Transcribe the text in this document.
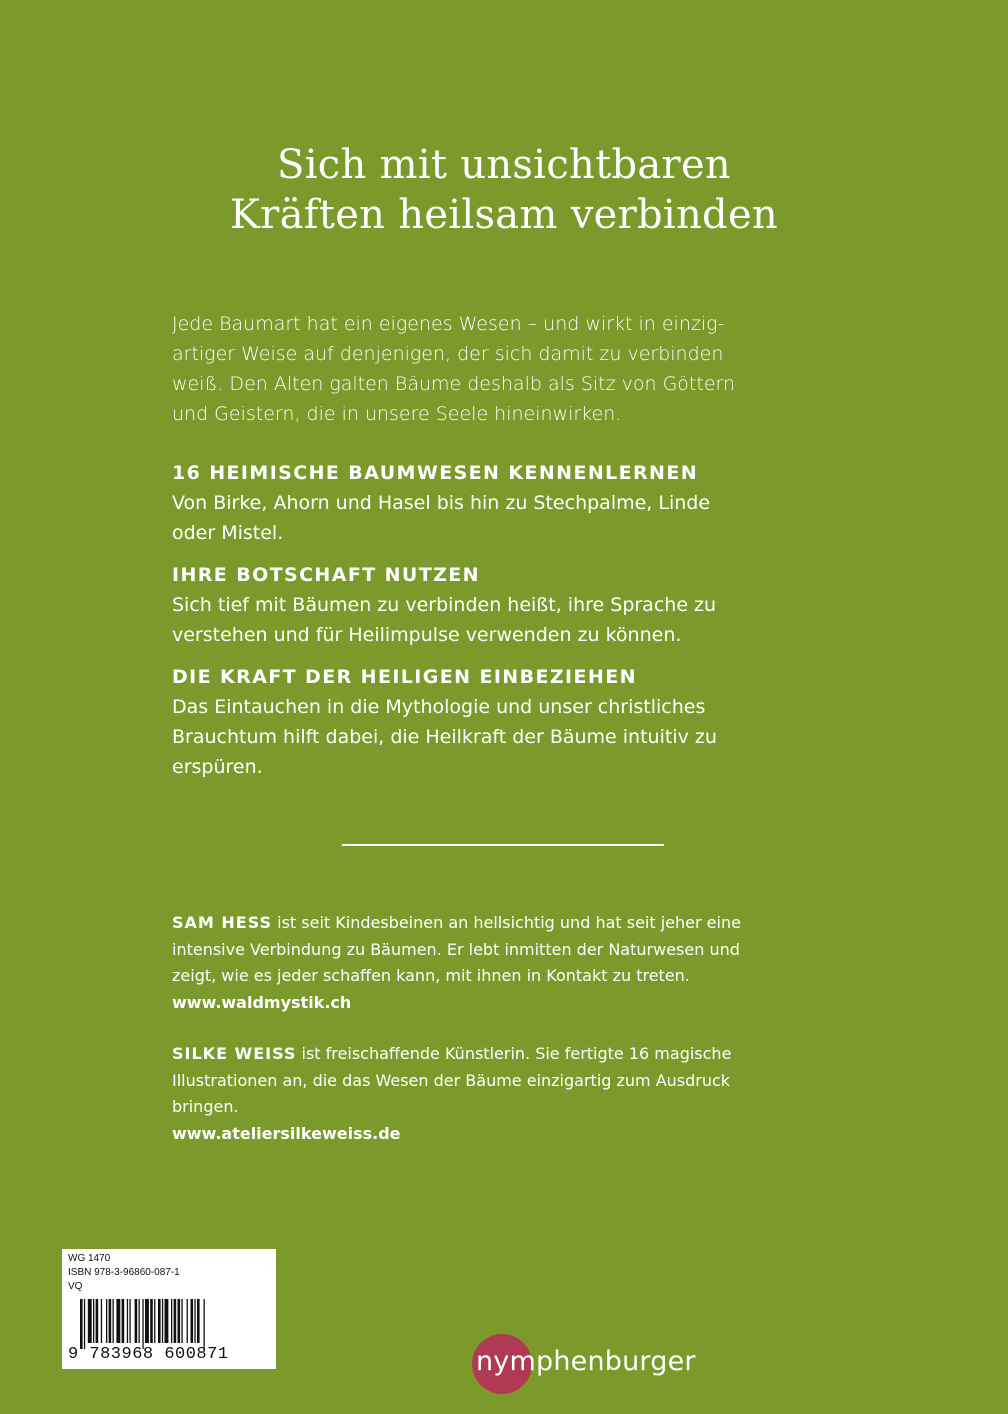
Sich mit unsichtbaren
Kräften heilsam verbinden
Jede Baumart hat ein eigenes Wesen – und wirkt in einzig-
artiger Weise auf denjenigen, der sich damit zu verbinden
weiß. Den Alten galten Bäume deshalb als Sitz von Göttern
und Geistern, die in unsere Seele hineinwirken.
16 HEIMISCHE BAUMWESEN KENNENLERNEN
Von Birke, Ahorn und Hasel bis hin zu Stechpalme, Linde
oder Mistel.
IHRE BOTSCHAFT NUTZEN
Sich tief mit Bäumen zu verbinden heißt, ihre Sprache zu
verstehen und für Heilimpulse verwenden zu können.
DIE KRAFT DER HEILIGEN EINBEZIEHEN
Das Eintauchen in die Mythologie und unser christliches
Brauchtum hilft dabei, die Heilkraft der Bäume intuitiv zu
erspüren.
SAM HESS ist seit Kindesbeinen an hellsichtig und hat seit jeher eine
intensive Verbindung zu Bäumen. Er lebt inmitten der Naturwesen und
zeigt, wie es jeder schaffen kann, mit ihnen in Kontakt zu treten.
www.waldmystik.ch
SILKE WEISS ist freischaffende Künstlerin. Sie fertigte 16 magische
Illustrationen an, die das Wesen der Bäume einzigartig zum Ausdruck
bringen.
www.ateliersilkeweiss.de
WG 1470
ISBN 978-3-96860-087-1
VQ
9 783968 600871	nymphenburger
